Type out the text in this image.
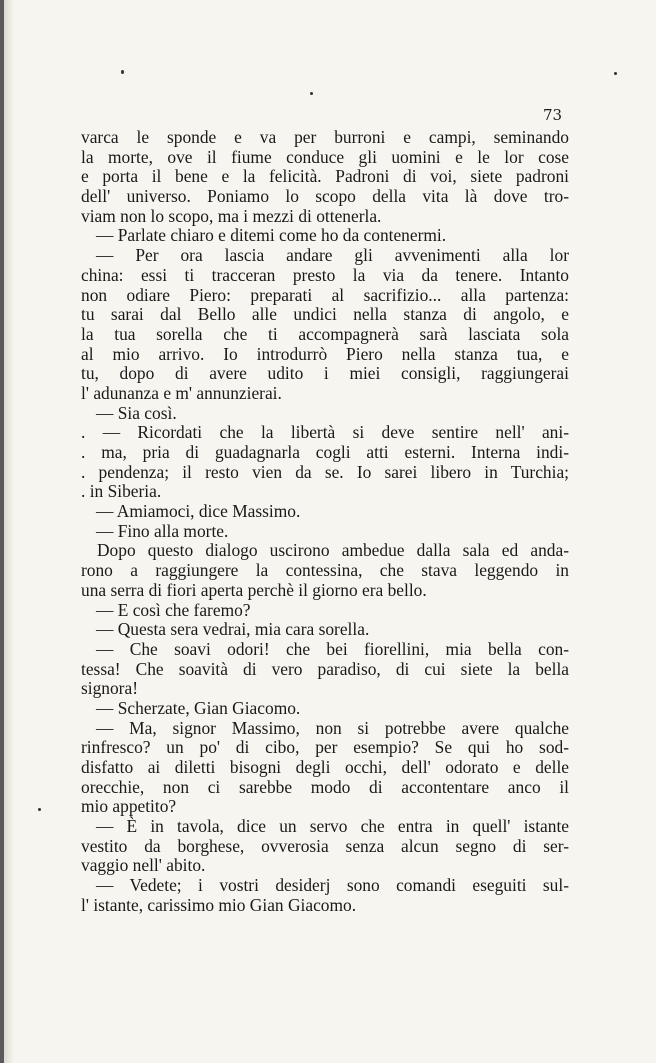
73
varca le sponde e va per burroni e campi, seminando
la morte, ove il fiume conduce gli uomini e le lor cose
e porta il bene e la felicità. Padroni di voi, siete padroni
dell' universo. Poniamo lo scopo della vita là dove tro-
viam non lo scopo, ma i mezzi di ottenerla.
— Parlate chiaro e ditemi come ho da contenermi.
— Per ora lascia andare gli avvenimenti alla lor
china: essi ti tracceran presto la via da tenere. Intanto
non odiare Piero: preparati al sacrifizio... alla partenza:
tu sarai dal Bello alle undici nella stanza di angolo, e
la tua sorella che ti accompagnerà sarà lasciata sola
al mio arrivo. Io introdurrò Piero nella stanza tua, e
tu, dopo di avere udito i miei consigli, raggiungerai
l' adunanza e m' annunzierai.
— Sia così.
. — Ricordati che la libertà si deve sentire nell' ani-
. ma, pria di guadagnarla cogli atti esterni. Interna indi-
. pendenza; il resto vien da se. Io sarei libero in Turchia;
. in Siberia.
— Amiamoci, dice Massimo.
— Fino alla morte.
Dopo questo dialogo uscirono ambedue dalla sala ed anda-
rono a raggiungere la contessina, che stava leggendo in
una serra di fiori aperta perchè il giorno era bello.
— E così che faremo?
— Questa sera vedrai, mia cara sorella.
— Che soavi odori! che bei fiorellini, mia bella con-
tessa! Che soavità di vero paradiso, di cui siete la bella
signora!
— Scherzate, Gian Giacomo.
— Ma, signor Massimo, non si potrebbe avere qualche
rinfresco? un po' di cibo, per esempio? Se qui ho sod-
disfatto ai diletti bisogni degli occhi, dell' odorato e delle
orecchie, non ci sarebbe modo di accontentare anco il
mio appetito?
— È in tavola, dice un servo che entra in quell' istante
vestito da borghese, ovverosia senza alcun segno di ser-
vaggio nell' abito.
— Vedete; i vostri desiderj sono comandi eseguiti sul-
l' istante, carissimo mio Gian Giacomo.
